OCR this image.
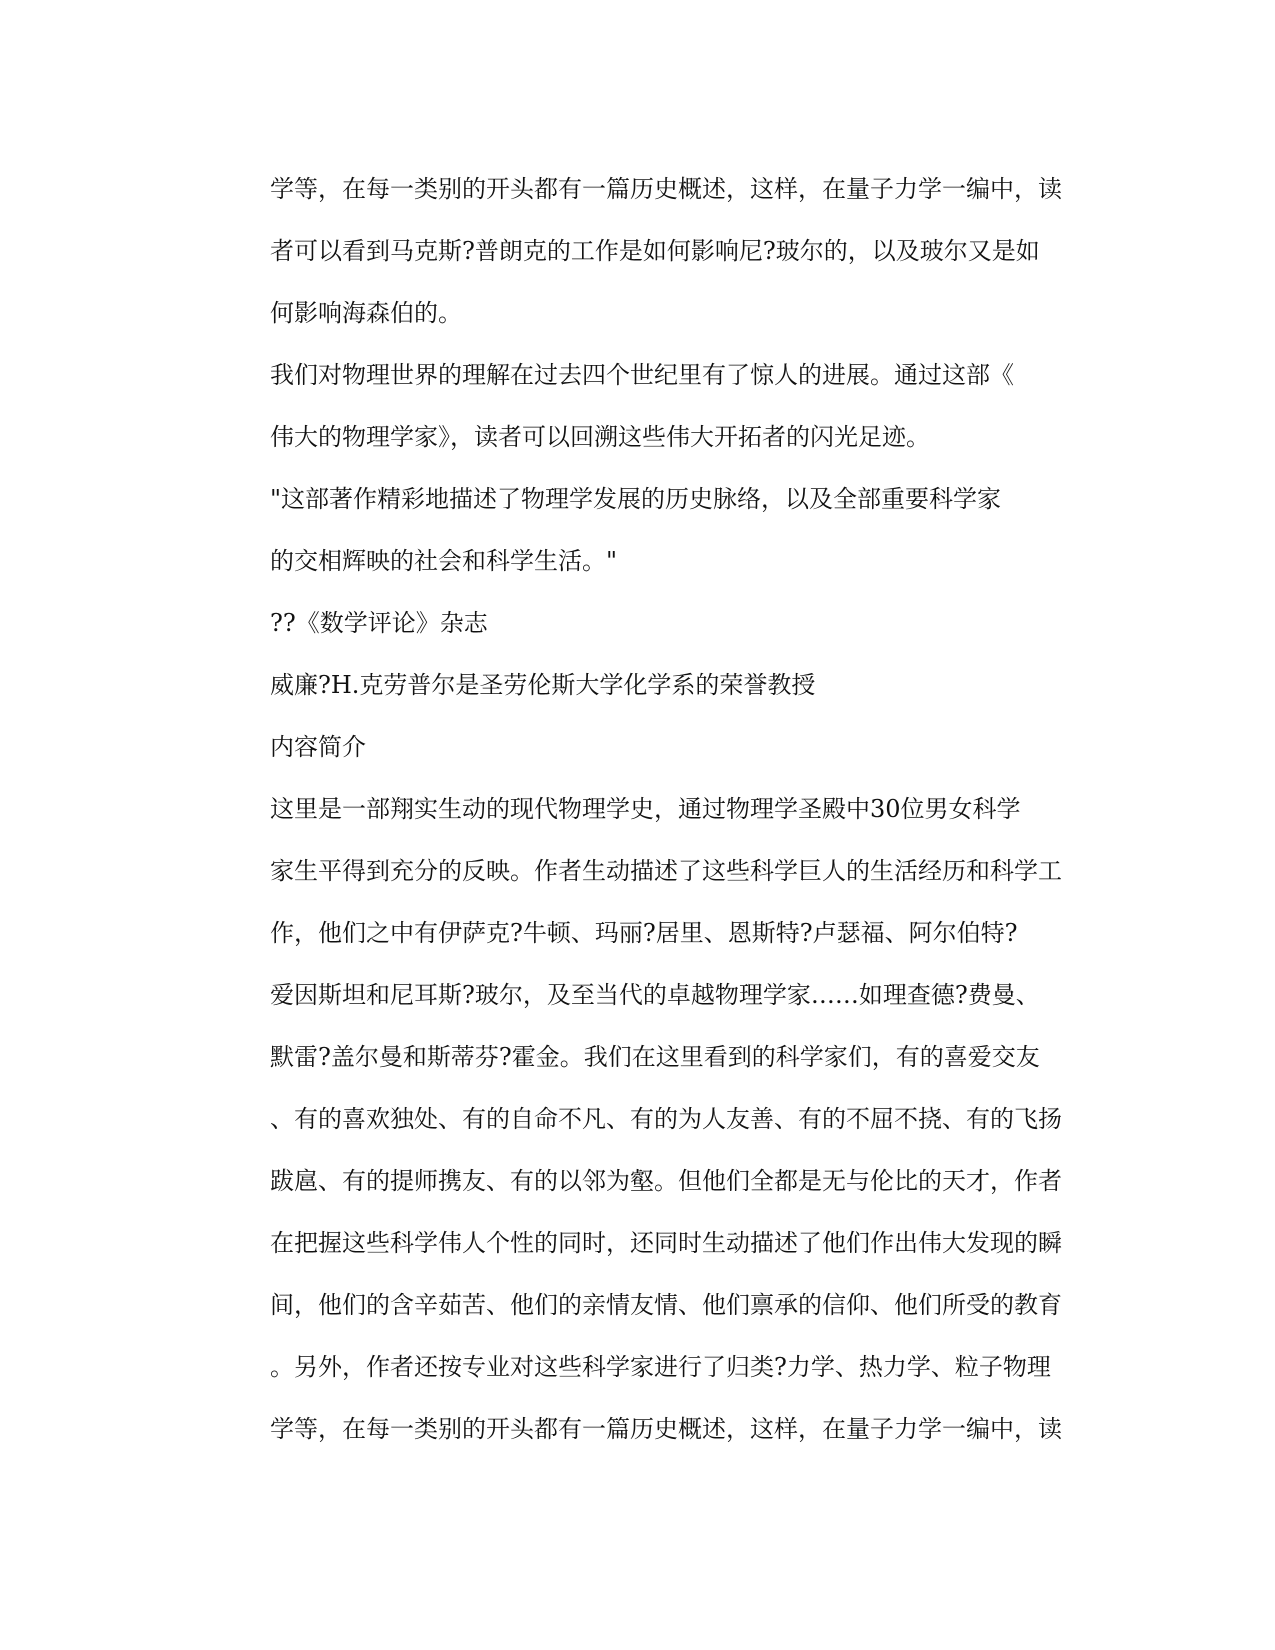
学等，在每一类别的开头都有一篇历史概述，这样，在量子力学一编中，读
者可以看到马克斯?普朗克的工作是如何影响尼?玻尔的，以及玻尔又是如
何影响海森伯的。
我们对物理世界的理解在过去四个世纪里有了惊人的进展。通过这部《
伟大的物理学家》，读者可以回溯这些伟大开拓者的闪光足迹。
"这部著作精彩地描述了物理学发展的历史脉络，以及全部重要科学家
的交相辉映的社会和科学生活。"
??《数学评论》杂志
威廉?H.克劳普尔是圣劳伦斯大学化学系的荣誉教授
内容简介
这里是一部翔实生动的现代物理学史，通过物理学圣殿中30位男女科学
家生平得到充分的反映。作者生动描述了这些科学巨人的生活经历和科学工
作，他们之中有伊萨克?牛顿、玛丽?居里、恩斯特?卢瑟福、阿尔伯特?
爱因斯坦和尼耳斯?玻尔，及至当代的卓越物理学家……如理查德?费曼、
默雷?盖尔曼和斯蒂芬?霍金。我们在这里看到的科学家们，有的喜爱交友
、有的喜欢独处、有的自命不凡、有的为人友善、有的不屈不挠、有的飞扬
跋扈、有的提师携友、有的以邻为壑。但他们全都是无与伦比的天才，作者
在把握这些科学伟人个性的同时，还同时生动描述了他们作出伟大发现的瞬
间，他们的含辛茹苦、他们的亲情友情、他们禀承的信仰、他们所受的教育
。另外，作者还按专业对这些科学家进行了归类?力学、热力学、粒子物理
学等，在每一类别的开头都有一篇历史概述，这样，在量子力学一编中，读
